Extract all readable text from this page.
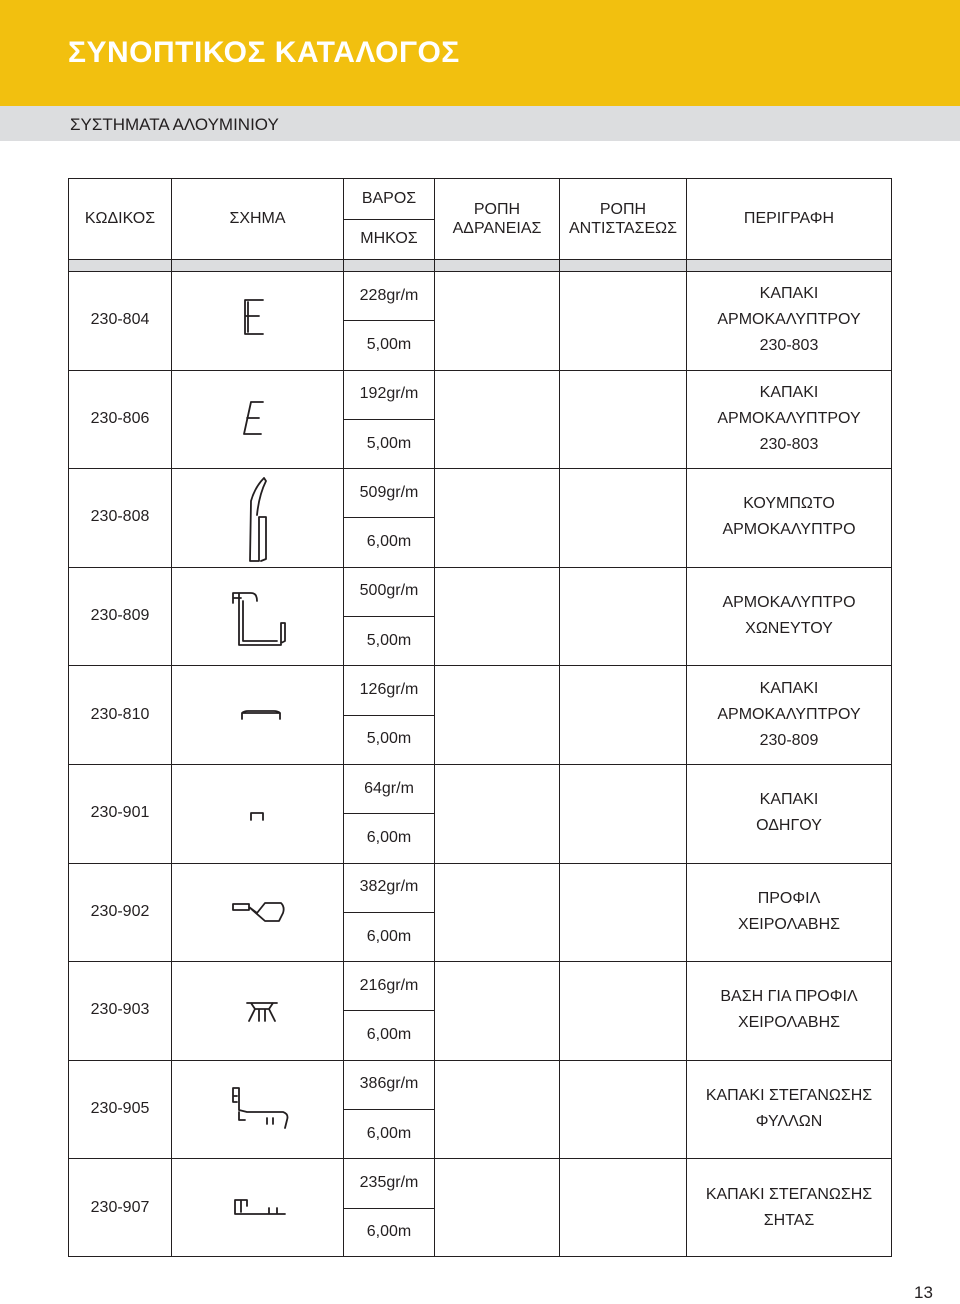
ΣΥΝΟΠΤΙΚΟΣ ΚΑΤΑΛΟΓΟΣ
ΣΥΣΤΗΜΑΤΑ ΑΛΟΥΜΙΝΙΟΥ
ΚΩΔΙΚΟΣ	ΣΧΗΜΑ
ΒΑΡΟΣ
ΜΗΚΟΣ
ΡΟΠΗ
ΑΔΡΑΝΕΙΑΣ
ΡΟΠΗ
ΑΝΤΙΣΤΑΣΕΩΣ
ΠΕΡΙΓΡΑΦΗ
230-804
228gr/m
5,00m
ΚΑΠΑΚΙ
ΑΡΜΟΚΑΛΥΠΤΡΟΥ
230-803
230-806
192gr/m
5,00m
ΚΑΠΑΚΙ
ΑΡΜΟΚΑΛΥΠΤΡΟΥ
230-803
230-808
509gr/m
6,00m
ΚΟΥΜΠΩΤΟ
ΑΡΜΟΚΑΛΥΠΤΡΟ
230-809
500gr/m
5,00m
ΑΡΜΟΚΑΛΥΠΤΡΟ
ΧΩΝΕΥΤΟΥ
230-810
126gr/m
5,00m
ΚΑΠΑΚΙ
ΑΡΜΟΚΑΛΥΠΤΡΟΥ
230-809
230-901
64gr/m
6,00m
ΚΑΠΑΚΙ
ΟΔΗΓΟΥ
230-902
382gr/m
6,00m
ΠΡΟΦΙΛ
ΧΕΙΡΟΛΑΒΗΣ
230-903
216gr/m
6,00m
ΒΑΣΗ ΓΙΑ ΠΡΟΦΙΛ
ΧΕΙΡΟΛΑΒΗΣ
230-905
386gr/m
6,00m
ΚΑΠΑΚΙ ΣΤΕΓΑΝΩΣΗΣ
ΦΥΛΛΩΝ
230-907
235gr/m
6,00m
ΚΑΠΑΚΙ ΣΤΕΓΑΝΩΣΗΣ
ΣΗΤΑΣ
13
